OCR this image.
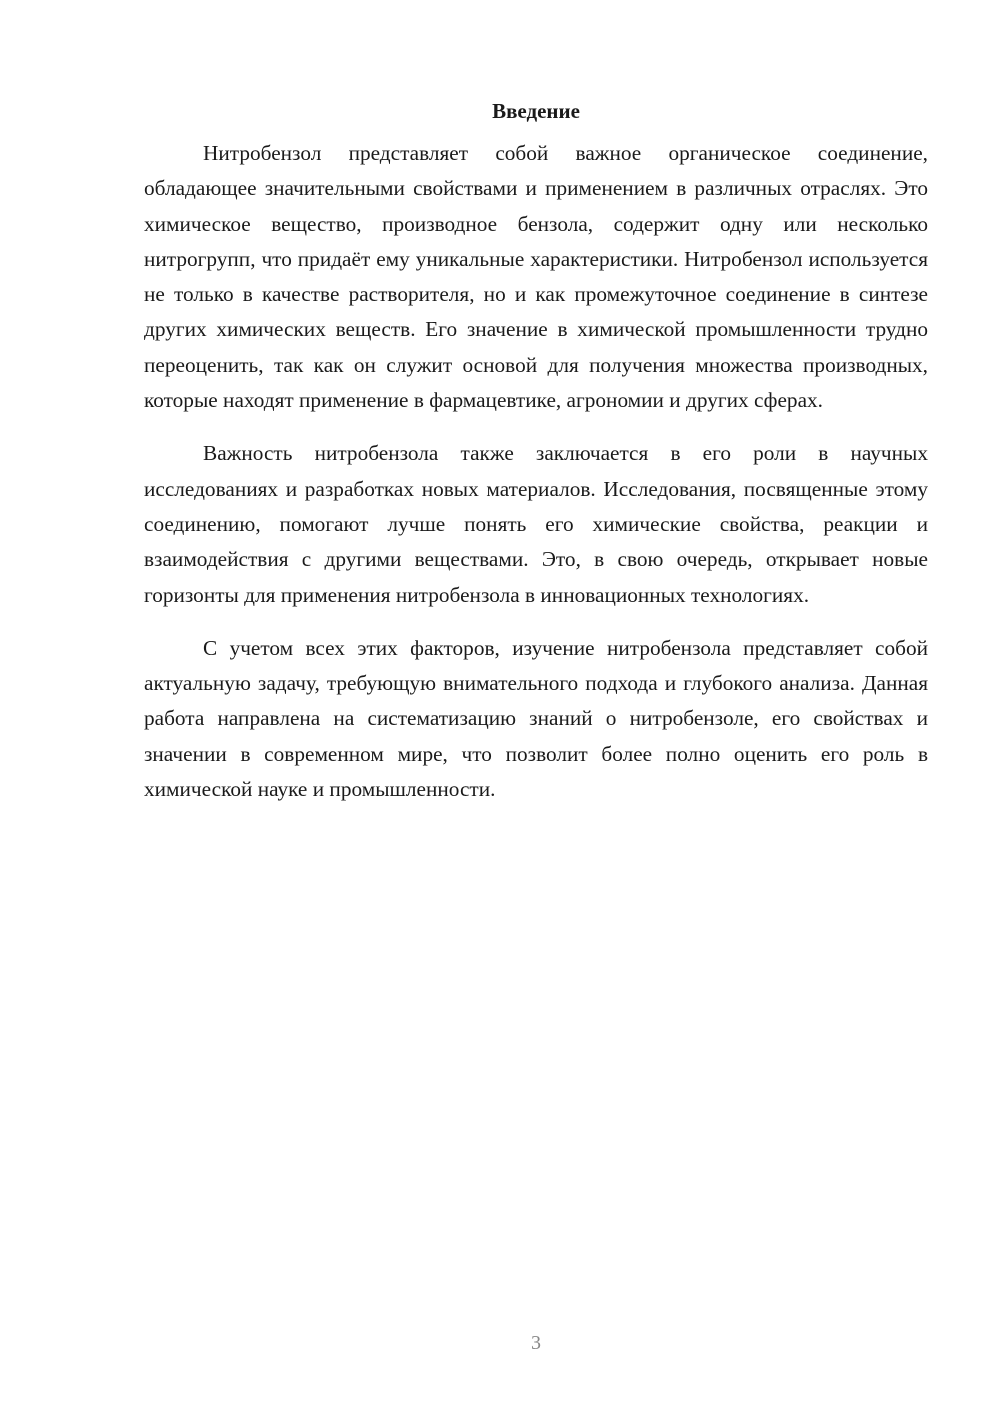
Введение

Нитробензол представляет собой важное органическое соединение, обладающее значительными свойствами и применением в различных отраслях. Это химическое вещество, производное бензола, содержит одну или несколько нитрогрупп, что придаёт ему уникальные характеристики. Нитробензол используется не только в качестве растворителя, но и как промежуточное соединение в синтезе других химических веществ. Его значение в химической промышленности трудно переоценить, так как он служит основой для получения множества производных, которые находят применение в фармацевтике, агрономии и других сферах.

Важность нитробензола также заключается в его роли в научных исследованиях и разработках новых материалов. Исследования, посвященные этому соединению, помогают лучше понять его химические свойства, реакции и взаимодействия с другими веществами. Это, в свою очередь, открывает новые горизонты для применения нитробензола в инновационных технологиях.

С учетом всех этих факторов, изучение нитробензола представляет собой актуальную задачу, требующую внимательного подхода и глубокого анализа. Данная работа направлена на систематизацию знаний о нитробензоле, его свойствах и значении в современном мире, что позволит более полно оценить его роль в химической науке и промышленности.

3
